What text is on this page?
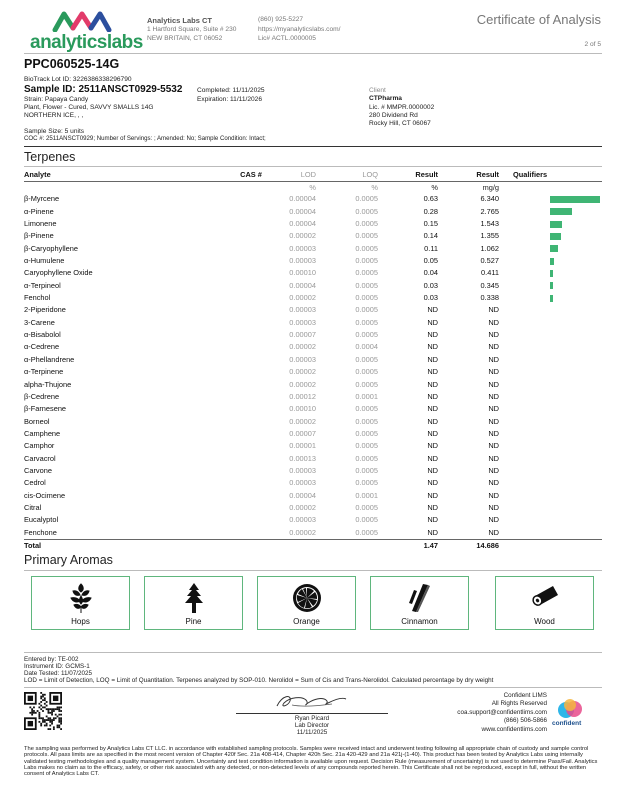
analyticslabs
Analytics Labs CT
1 Hartford Square, Suite # 230
NEW BRITAIN, CT 06052
(860) 925-5227
https://myanalyticslabs.com/
Lic# ACTL.0000005
Certificate of Analysis
2 of 5
PPC060525-14G
BioTrack Lot ID: 3226386338296790
Sample ID: 2511ANSCT0929-5532
Strain: Papaya Candy
Plant, Flower - Cured, SAVVY SMALLS 14G
NORTHERN ICE, , ,
Completed: 11/11/2025
Expiration: 11/11/2026
Client
CTPharma
Lic. # MMPR.0000002
280 Dividend Rd
Rocky Hill, CT 06067
Sample Size: 5 units
COC #: 2511ANSCT0929; Number of Servings: ; Amended: No; Sample Condition: Intact;
Terpenes
Analyte	CAS #	LOD	LOQ	Result	Result	Qualifiers
		%	%	%	mg/g	
β-Myrcene		0.00004	0.0005	0.63	6.340	
α-Pinene		0.00004	0.0005	0.28	2.765	
Limonene		0.00004	0.0005	0.15	1.543	
β-Pinene		0.00002	0.0005	0.14	1.355	
β-Caryophyllene		0.00003	0.0005	0.11	1.062	
α-Humulene		0.00003	0.0005	0.05	0.527	
Caryophyllene Oxide		0.00010	0.0005	0.04	0.411	
α-Terpineol		0.00004	0.0005	0.03	0.345	
Fenchol		0.00002	0.0005	0.03	0.338	
2-Piperidone		0.00003	0.0005	ND	ND	
3-Carene		0.00003	0.0005	ND	ND	
α-Bisabolol		0.00007	0.0005	ND	ND	
α-Cedrene		0.00002	0.0004	ND	ND	
α-Phellandrene		0.00003	0.0005	ND	ND	
α-Terpinene		0.00002	0.0005	ND	ND	
alpha-Thujone		0.00002	0.0005	ND	ND	
β-Cedrene		0.00012	0.0001	ND	ND	
β-Farnesene		0.00010	0.0005	ND	ND	
Borneol		0.00002	0.0005	ND	ND	
Camphene		0.00007	0.0005	ND	ND	
Camphor		0.00001	0.0005	ND	ND	
Carvacrol		0.00013	0.0005	ND	ND	
Carvone		0.00003	0.0005	ND	ND	
Cedrol		0.00003	0.0005	ND	ND	
cis-Ocimene		0.00004	0.0001	ND	ND	
Citral		0.00002	0.0005	ND	ND	
Eucalyptol		0.00003	0.0005	ND	ND	
Fenchone		0.00002	0.0005	ND	ND	
Total				1.47	14.686	
Primary Aromas
Hops	Pine	Orange	Cinnamon	Wood
Entered by: TE-002
Instrument ID: GCMS-1
Date Tested: 11/07/2025
LOD = Limit of Detection, LOQ = Limit of Quantitation. Terpenes analyzed by SOP-010. Nerolidol = Sum of Cis and Trans-Nerolidol. Calculated percentage by dry weight
Ryan Picard
Lab Director
11/11/2025
Confident LIMS
All Rights Reserved
coa.support@confidentlims.com
(866) 506-5866
www.confidentlims.com
confident
The sampling was performed by Analytics Labs CT LLC. in accordance with established sampling protocols. Samples were received intact and underwent testing following all appropriate chain of custody and sample control protocols. All pass limits are as specified in the most recent version of Chapter 420f Sec. 21a 408-414, Chapter 420h Sec. 21a 420-429 and 21a 421j-(1-40). This product has been tested by Analytics Labs using internally validated testing methodologies and a quality management system. Uncertainty and test condition information is available upon request. Decision Rule (measurement of uncertainty) is not used to determine Pass/Fail. Analytics Labs makes no claim as to the efficacy, safety, or other risk associated with any detected, or non-detected levels of any compounds reported herein. This Certificate shall not be reproduced, except in full, without the written consent of Analytics Labs CT.
